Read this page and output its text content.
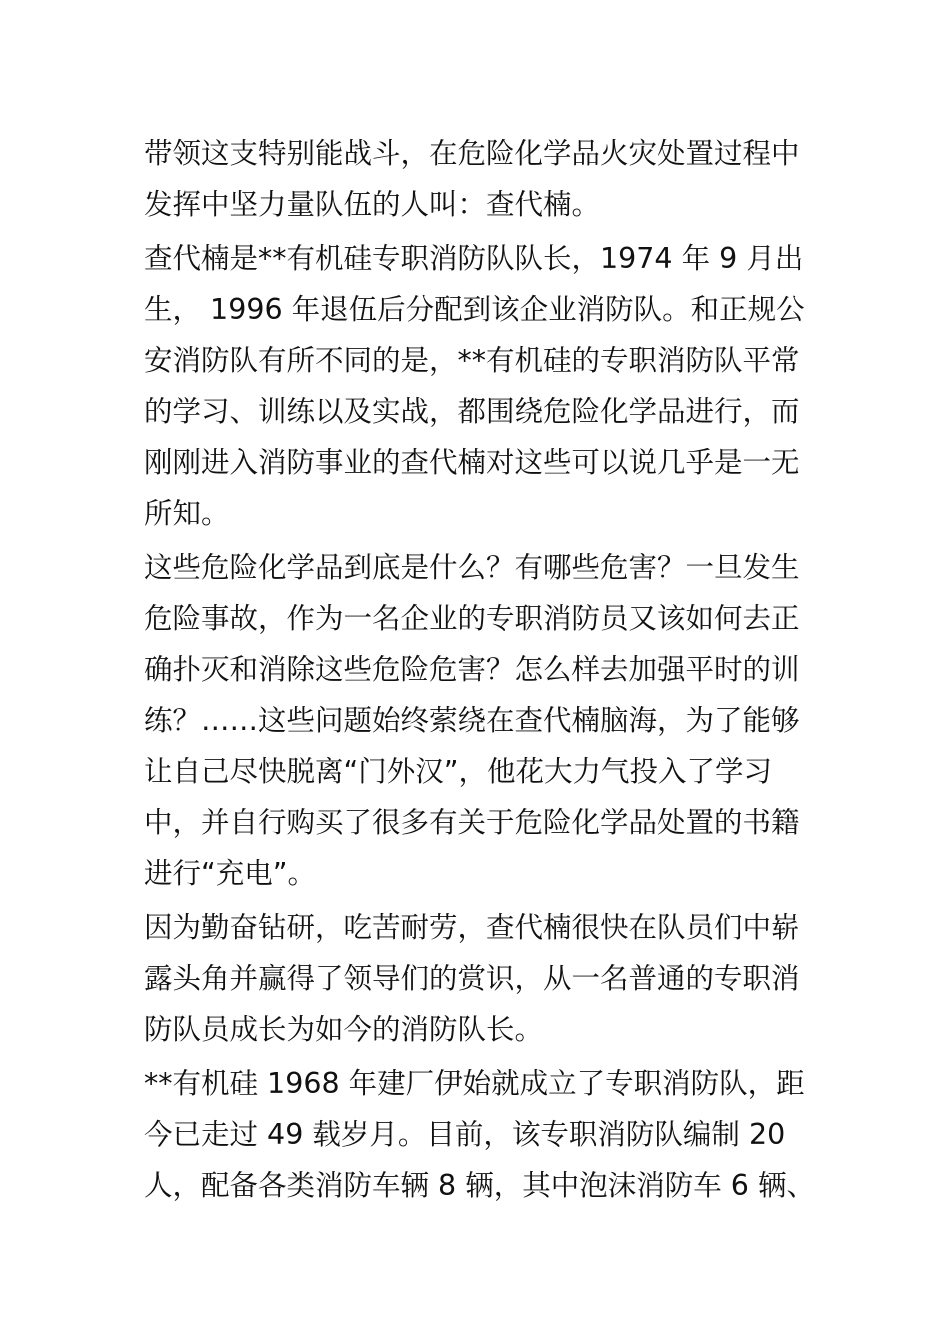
带领这支特别能战斗，在危险化学品火灾处置过程中
发挥中坚力量队伍的人叫：查代楠。
查代楠是**有机硅专职消防队队长，1974 年 9 月出
生， 1996 年退伍后分配到该企业消防队。和正规公
安消防队有所不同的是，**有机硅的专职消防队平常
的学习、训练以及实战，都围绕危险化学品进行，而
刚刚进入消防事业的查代楠对这些可以说几乎是一无
所知。
这些危险化学品到底是什么？有哪些危害？一旦发生
危险事故，作为一名企业的专职消防员又该如何去正
确扑灭和消除这些危险危害？怎么样去加强平时的训
练？……这些问题始终萦绕在查代楠脑海，为了能够
让自己尽快脱离“门外汉”，他花大力气投入了学习
中，并自行购买了很多有关于危险化学品处置的书籍
进行“充电”。
因为勤奋钻研，吃苦耐劳，查代楠很快在队员们中崭
露头角并赢得了领导们的赏识，从一名普通的专职消
防队员成长为如今的消防队长。
**有机硅 1968 年建厂伊始就成立了专职消防队，距
今已走过 49 载岁月。目前，该专职消防队编制 20
人，配备各类消防车辆 8 辆，其中泡沫消防车 6 辆、
